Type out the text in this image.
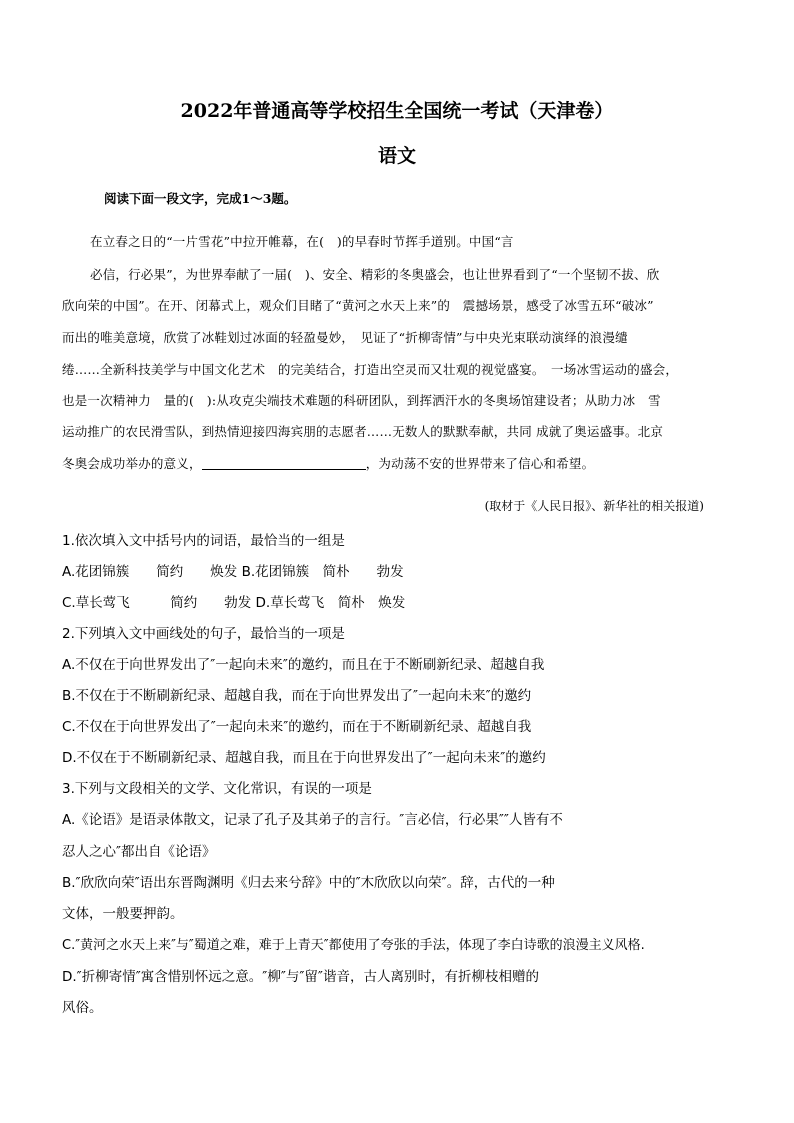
2022年普通高等学校招生全国统一考试（天津卷）
语文
阅读下面一段文字，完成1～3题。
在立春之日的“一片雪花”中拉开帷幕，在(　)的早春时节挥手道别。中国“言
必信，行必果”，为世界奉献了一届(　)、安全、精彩的冬奥盛会，也让世界看到了“一个坚韧不拔、欣
欣向荣的中国”。在开、闭幕式上，观众们目睹了“黄河之水天上来”的　震撼场景，感受了冰雪五环“破冰”
而出的唯美意境，欣赏了冰鞋划过冰面的轻盈曼妙，　见证了“折柳寄情”与中央光束联动演绎的浪漫缱
绻……全新科技美学与中国文化艺术　的完美结合，打造出空灵而又壮观的视觉盛宴。　一场冰雪运动的盛会，
也是一次精神力　量的(　):从攻克尖端技术难题的科研团队，到挥洒汗水的冬奥场馆建设者；从助力冰　雪
运动推广的农民滑雪队，到热情迎接四海宾朋的志愿者……无数人的默默奉献，共同 成就了奥运盛事。北京
冬奥会成功举办的意义，	，为动荡不安的世界带来了信心和希望。
(取材于《人民日报》、新华社的相关报道)
1.依次填入文中括号内的词语，最恰当的一组是
A.花团锦簇　　简约　　焕发 B.花团锦簇　简朴　　勃发
C.草长莺飞　　　简约　　勃发 D.草长莺飞　简朴　焕发
2.下列填入文中画线处的句子，最恰当的一项是
A.不仅在于向世界发出了″一起向未来″的邀约，而且在于不断刷新纪录、超越自我
B.不仅在于不断刷新纪录、超越自我，而在于向世界发出了″一起向未来″的邀约
C.不仅在于向世界发出了″一起向未来″的邀约，而在于不断刷新纪录、超越自我
D.不仅在于不断刷新纪录、超越自我，而且在于向世界发出了″一起向未来″的邀约
3.下列与文段相关的文学、文化常识，有误的一项是
A.《论语》是语录体散文，记录了孔子及其弟子的言行。″言必信，行必果″″人皆有不
忍人之心″都出自《论语》
B.″欣欣向荣″语出东晋陶渊明《归去来兮辞》中的″木欣欣以向荣″。辞，古代的一种
文体，一般要押韵。
C.″黄河之水天上来″与″蜀道之难，难于上青天″都使用了夸张的手法，体现了李白诗歌的浪漫主义风格.
D.″折柳寄情″寓含惜别怀远之意。″柳″与″留″谐音，古人离别时，有折柳枝相赠的
风俗。
